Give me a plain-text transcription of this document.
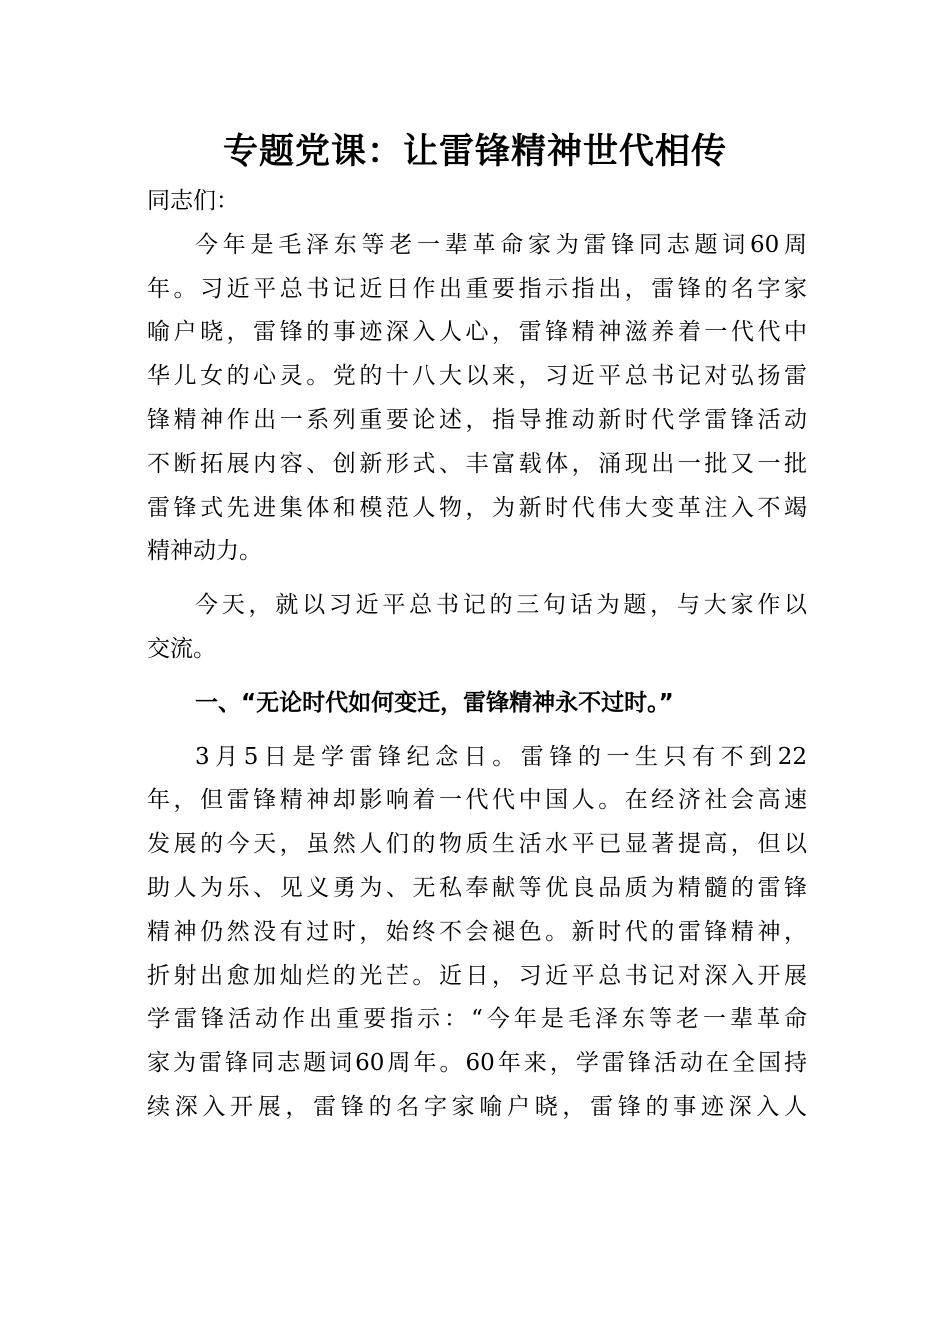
专题党课：让雷锋精神世代相传
同志们：
今年是毛泽东等老一辈革命家为雷锋同志题词60周
年。习近平总书记近日作出重要指示指出，雷锋的名字家
喻户晓，雷锋的事迹深入人心，雷锋精神滋养着一代代中
华儿女的心灵。党的十八大以来，习近平总书记对弘扬雷
锋精神作出一系列重要论述，指导推动新时代学雷锋活动
不断拓展内容、创新形式、丰富载体，涌现出一批又一批
雷锋式先进集体和模范人物，为新时代伟大变革注入不竭
精神动力。
今天，就以习近平总书记的三句话为题，与大家作以
交流。
一、“无论时代如何变迁，雷锋精神永不过时。”
3月5日是学雷锋纪念日。雷锋的一生只有不到22
年，但雷锋精神却影响着一代代中国人。在经济社会高速
发展的今天，虽然人们的物质生活水平已显著提高，但以
助人为乐、见义勇为、无私奉献等优良品质为精髓的雷锋
精神仍然没有过时，始终不会褪色。新时代的雷锋精神，
折射出愈加灿烂的光芒。近日，习近平总书记对深入开展
学雷锋活动作出重要指示：“今年是毛泽东等老一辈革命
家为雷锋同志题词60周年。60年来，学雷锋活动在全国持
续深入开展，雷锋的名字家喻户晓，雷锋的事迹深入人
